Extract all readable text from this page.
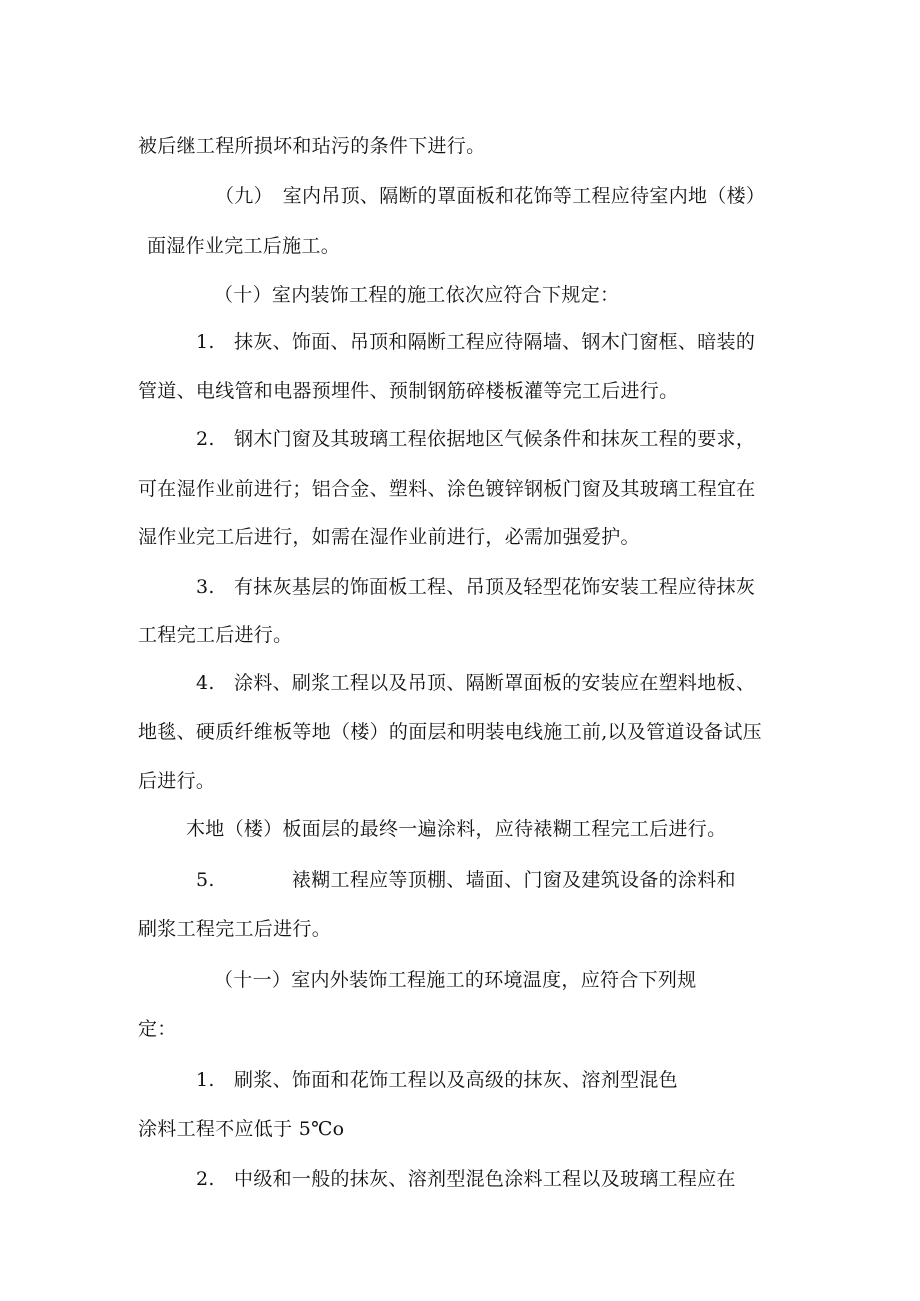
被后继工程所损坏和玷污的条件下进行。
（九）　室内吊顶、隔断的罩面板和花饰等工程应待室内地（楼）
面湿作业完工后施工。
（十）室内装饰工程的施工依次应符合下规定：
1.　抹灰、饰面、吊顶和隔断工程应待隔墙、钢木门窗框、暗装的
管道、电线管和电器预埋件、预制钢筋碎楼板灌等完工后进行。
2.　钢木门窗及其玻璃工程依据地区气候条件和抹灰工程的要求，
可在湿作业前进行；铝合金、塑料、涂色镀锌钢板门窗及其玻璃工程宜在
湿作业完工后进行，如需在湿作业前进行，必需加强爱护。
3.　有抹灰基层的饰面板工程、吊顶及轻型花饰安装工程应待抹灰
工程完工后进行。
4.　涂料、刷浆工程以及吊顶、隔断罩面板的安装应在塑料地板、
地毯、硬质纤维板等地（楼）的面层和明装电线施工前,以及管道设备试压
后进行。
木地（楼）板面层的最终一遍涂料，应待裱糊工程完工后进行。
5.　　　　裱糊工程应等顶棚、墙面、门窗及建筑设备的涂料和
刷浆工程完工后进行。
（十一）室内外装饰工程施工的环境温度，应符合下列规
定：
1.　刷浆、饰面和花饰工程以及高级的抹灰、溶剂型混色
涂料工程不应低于 5℃o
2.　中级和一般的抹灰、溶剂型混色涂料工程以及玻璃工程应在
